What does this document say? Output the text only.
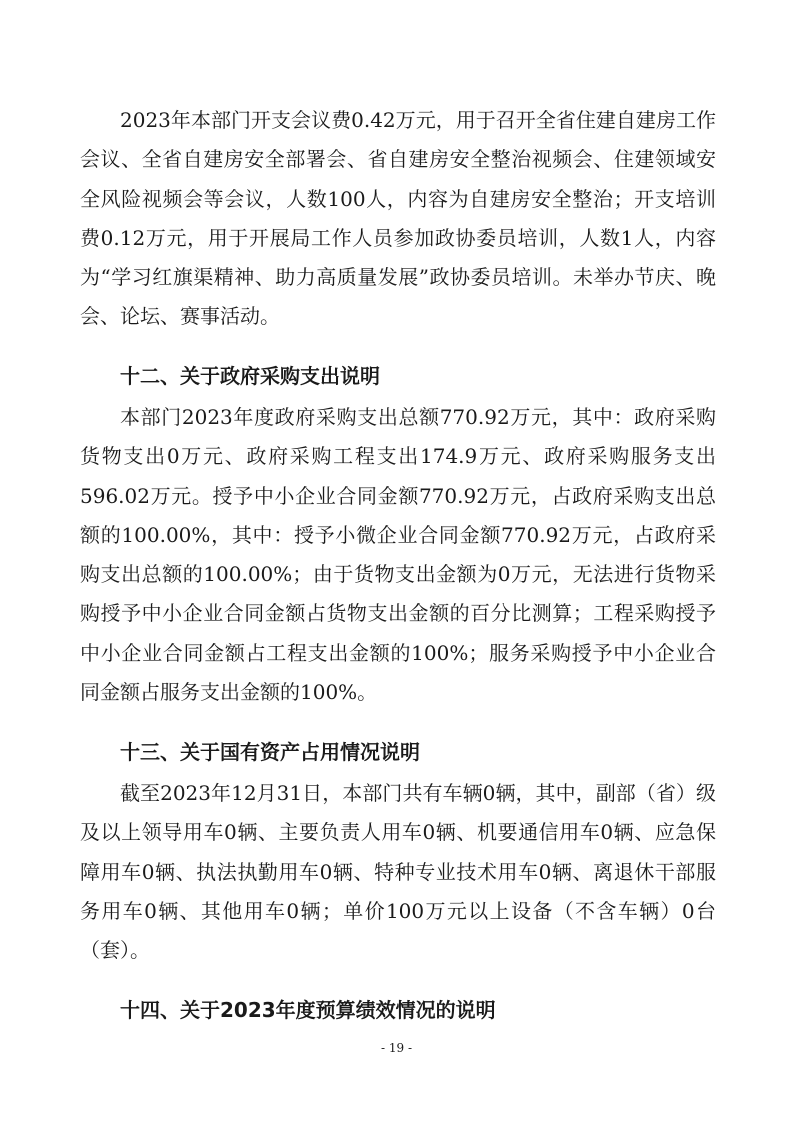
2023年本部门开支会议费0.42万元，用于召开全省住建自建房工作会议、全省自建房安全部署会、省自建房安全整治视频会、住建领域安全风险视频会等会议，人数100人，内容为自建房安全整治；开支培训费0.12万元，用于开展局工作人员参加政协委员培训，人数1人，内容为“学习红旗渠精神、助力高质量发展”政协委员培训。未举办节庆、晚会、论坛、赛事活动。

十二、关于政府采购支出说明

本部门2023年度政府采购支出总额770.92万元，其中：政府采购货物支出0万元、政府采购工程支出174.9万元、政府采购服务支出596.02万元。授予中小企业合同金额770.92万元，占政府采购支出总额的100.00%，其中：授予小微企业合同金额770.92万元，占政府采购支出总额的100.00%；由于货物支出金额为0万元，无法进行货物采购授予中小企业合同金额占货物支出金额的百分比测算；工程采购授予中小企业合同金额占工程支出金额的100%；服务采购授予中小企业合同金额占服务支出金额的100%。

十三、关于国有资产占用情况说明

截至2023年12月31日，本部门共有车辆0辆，其中，副部（省）级及以上领导用车0辆、主要负责人用车0辆、机要通信用车0辆、应急保障用车0辆、执法执勤用车0辆、特种专业技术用车0辆、离退休干部服务用车0辆、其他用车0辆；单价100万元以上设备（不含车辆）0台（套）。

十四、关于2023年度预算绩效情况的说明
- 19 -
